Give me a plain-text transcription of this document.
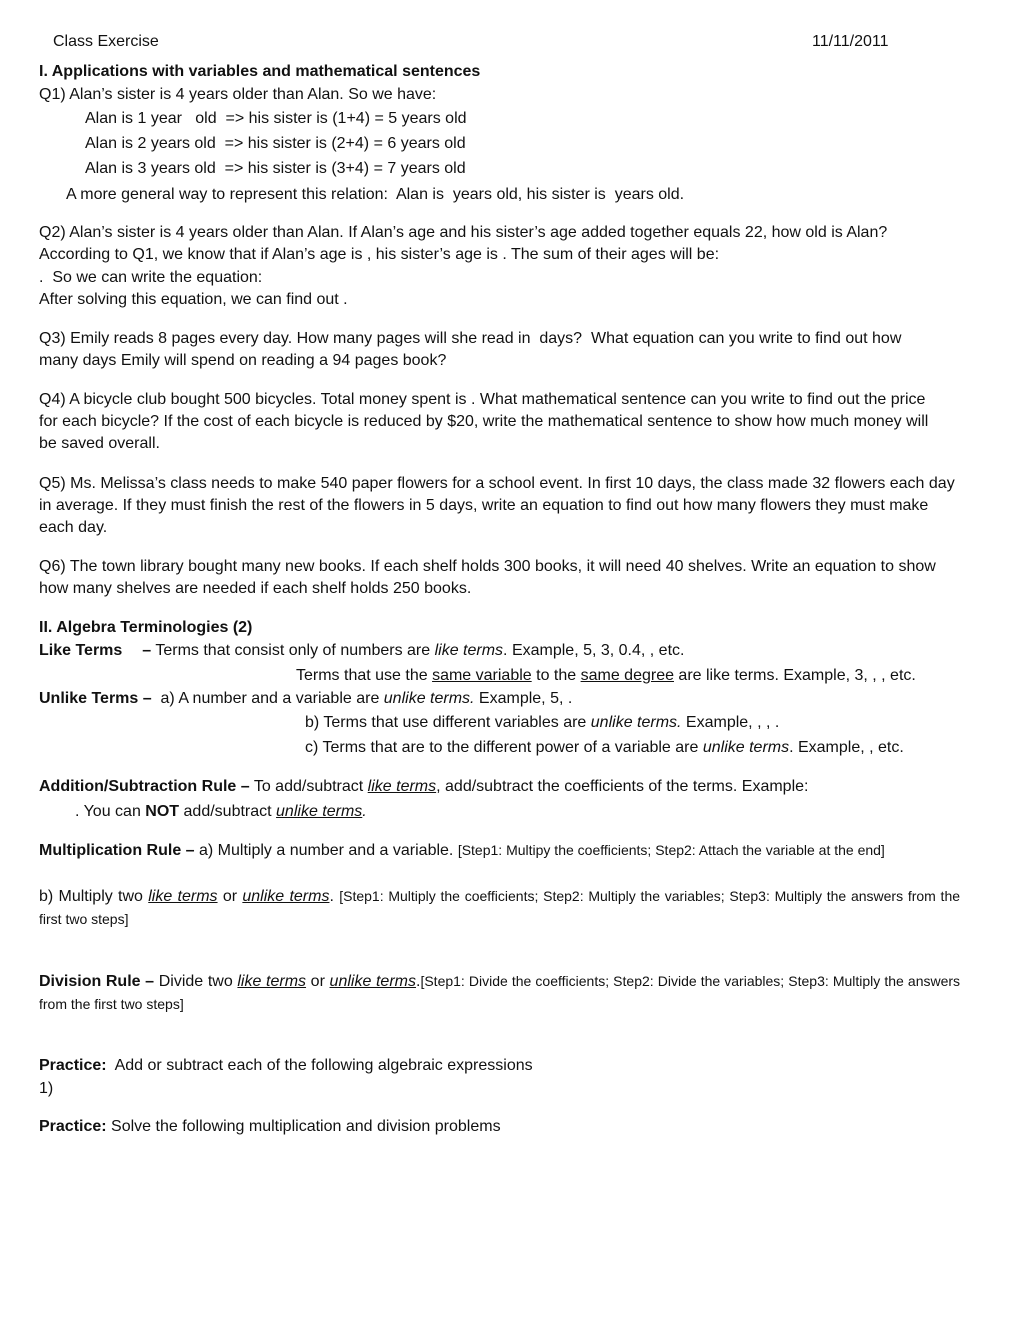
Class Exercise	11/11/2011
I. Applications with variables and mathematical sentences
Q1) Alan’s sister is 4 years older than Alan. So we have:
Alan is 1 year   old  => his sister is (1+4) = 5 years old
Alan is 2 years old  => his sister is (2+4) = 6 years old
Alan is 3 years old  => his sister is (3+4) = 7 years old
A more general way to represent this relation:  Alan is  years old, his sister is  years old.
Q2) Alan’s sister is 4 years older than Alan. If Alan’s age and his sister’s age added together equals 22, how old is Alan?
According to Q1, we know that if Alan’s age is , his sister’s age is . The sum of their ages will be:
.  So we can write the equation:
After solving this equation, we can find out .
Q3) Emily reads 8 pages every day. How many pages will she read in  days?  What equation can you write to find out how many days Emily will spend on reading a 94 pages book?
Q4) A bicycle club bought 500 bicycles. Total money spent is . What mathematical sentence can you write to find out the price for each bicycle? If the cost of each bicycle is reduced by $20, write the mathematical sentence to show how much money will be saved overall.
Q5) Ms. Melissa’s class needs to make 540 paper flowers for a school event. In first 10 days, the class made 32 flowers each day in average. If they must finish the rest of the flowers in 5 days, write an equation to find out how many flowers they must make each day.
Q6) The town library bought many new books. If each shelf holds 300 books, it will need 40 shelves. Write an equation to show how many shelves are needed if each shelf holds 250 books.
II. Algebra Terminologies (2)
Like Terms – Terms that consist only of numbers are like terms. Example, 5, 3, 0.4, , etc.
Terms that use the same variable to the same degree are like terms. Example, 3, , , etc.
Unlike Terms –  a) A number and a variable are unlike terms. Example, 5, .
b) Terms that use different variables are unlike terms. Example, , , .
c) Terms that are to the different power of a variable are unlike terms. Example, , etc.
Addition/Subtraction Rule – To add/subtract like terms, add/subtract the coefficients of the terms. Example:
. You can NOT add/subtract unlike terms.
Multiplication Rule – a) Multiply a number and a variable. [Step1: Multipy the coefficients; Step2: Attach the variable at the end]
b) Multiply two like terms or unlike terms. [Step1: Multiply the coefficients; Step2: Multiply the variables; Step3: Multiply the answers from the first two steps]
Division Rule – Divide two like terms or unlike terms.[Step1: Divide the coefficients; Step2: Divide the variables; Step3: Multiply the answers from the first two steps]
Practice:  Add or subtract each of the following algebraic expressions
1)
Practice: Solve the following multiplication and division problems
